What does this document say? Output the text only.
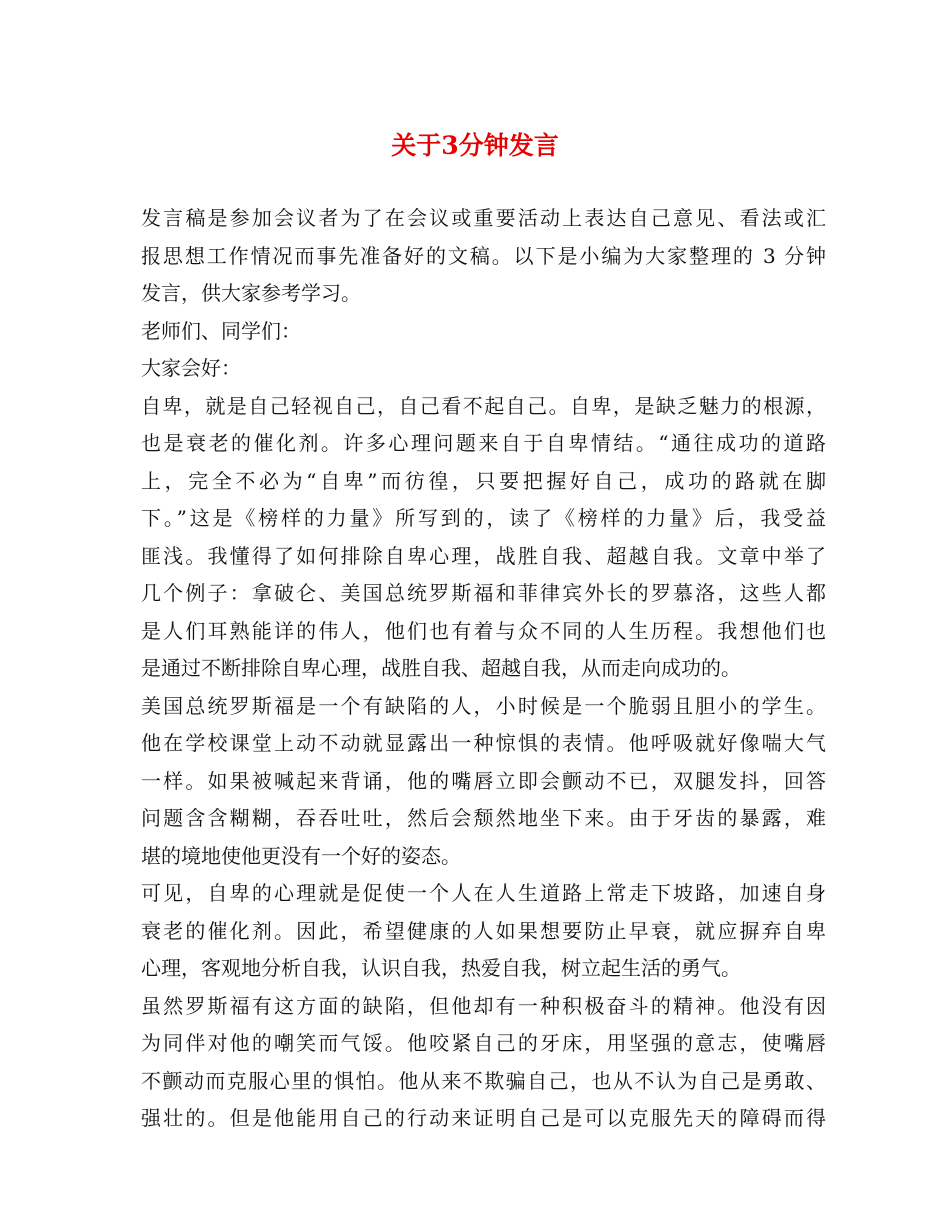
关于3分钟发言
发言稿是参加会议者为了在会议或重要活动上表达自己意见、看法或汇
报思想工作情况而事先准备好的文稿。以下是小编为大家整理的 3 分钟
发言，供大家参考学习。
老师们、同学们：
大家会好：
自卑，就是自己轻视自己，自己看不起自己。自卑，是缺乏魅力的根源，
也是衰老的催化剂。许多心理问题来自于自卑情结。“通往成功的道路
上，完全不必为“自卑”而彷徨，只要把握好自己，成功的路就在脚
下。”这是《榜样的力量》所写到的，读了《榜样的力量》后，我受益
匪浅。我懂得了如何排除自卑心理，战胜自我、超越自我。文章中举了
几个例子：拿破仑、美国总统罗斯福和菲律宾外长的罗慕洛，这些人都
是人们耳熟能详的伟人，他们也有着与众不同的人生历程。我想他们也
是通过不断排除自卑心理，战胜自我、超越自我，从而走向成功的。
美国总统罗斯福是一个有缺陷的人，小时候是一个脆弱且胆小的学生。
他在学校课堂上动不动就显露出一种惊惧的表情。他呼吸就好像喘大气
一样。如果被喊起来背诵，他的嘴唇立即会颤动不已，双腿发抖，回答
问题含含糊糊，吞吞吐吐，然后会颓然地坐下来。由于牙齿的暴露，难
堪的境地使他更没有一个好的姿态。
可见，自卑的心理就是促使一个人在人生道路上常走下坡路，加速自身
衰老的催化剂。因此，希望健康的人如果想要防止早衰，就应摒弃自卑
心理，客观地分析自我，认识自我，热爱自我，树立起生活的勇气。
虽然罗斯福有这方面的缺陷，但他却有一种积极奋斗的精神。他没有因
为同伴对他的嘲笑而气馁。他咬紧自己的牙床，用坚强的意志，使嘴唇
不颤动而克服心里的惧怕。他从来不欺骗自己，也从不认为自己是勇敢、
强壮的。但是他能用自己的行动来证明自己是可以克服先天的障碍而得
